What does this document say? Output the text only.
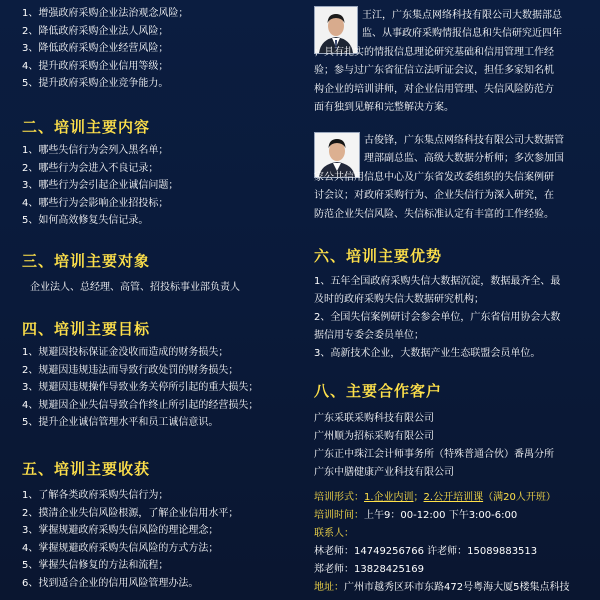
1、增强政府采购企业法治观念风险；
2、降低政府采购企业法人风险；
3、降低政府采购企业经营风险；
4、提升政府采购企业信用等级；
5、提升政府采购企业竞争能力。
二、培训主要内容
1、哪些失信行为会列入黑名单；
2、哪些行为会进入不良记录；
3、哪些行为会引起企业诚信问题；
4、哪些行为会影响企业招投标；
5、如何高效修复失信记录。
三、培训主要对象
企业法人、总经理、高管、招投标事业部负责人
四、培训主要目标
1、规避因投标保证金没收而造成的财务损失；
2、规避因违规违法而导致行政处罚的财务损失；
3、规避因违规操作导致业务关停所引起的重大损失；
4、规避因企业失信导致合作终止所引起的经营损失；
5、提升企业诚信管理水平和员工诚信意识。
五、培训主要收获
1、了解各类政府采购失信行为；
2、摸清企业失信风险根源，了解企业信用水平；
3、掌握规避政府采购失信风险的理论理念；
4、掌握规避政府采购失信风险的方式方法；
5、掌握失信修复的方法和流程；
6、找到适合企业的信用风险管理办法。
王江，广东集点网络科技有限公司大数据部总
监、从事政府采购情报信息和失信研究近四年
；具有扎实的情报信息理论研究基础和信用管理工作经
验；参与过广东省征信立法听证会议，担任多家知名机
构企业的培训讲师，对企业信用管理、失信风险防范方
面有独到见解和完整解决方案。
古俊锋，广东集点网络科技有限公司大数据管
理部副总监、高级大数据分析师；多次参加国
家公共信用信息中心及广东省发改委组织的失信案例研
讨会议；对政府采购行为、企业失信行为深入研究，在
防范企业失信风险、失信标准认定有丰富的工作经验。
六、培训主要优势
1、五年全国政府采购失信大数据沉淀，数据最齐全、最
及时的政府采购失信大数据研究机构；
2、全国失信案例研讨会参会单位，广东省信用协会大数
据信用专委会委员单位；
3、高新技术企业，大数据产业生态联盟会员单位。
八、主要合作客户
广东采联采购科技有限公司
广州顺为招标采购有限公司
广东正中珠江会计师事务所（特殊普通合伙）番禺分所
广东中膳健康产业科技有限公司
培训形式：1.企业内训；2.公开培训课（满20人开班）
培训时间：上午9：00-12:00 下午3:00-6:00
联系人：
林老师：14749256766 许老师：15089883513
郑老师：13828425169
地址：广州市越秀区环市东路472号粤海大厦5楼集点科技
